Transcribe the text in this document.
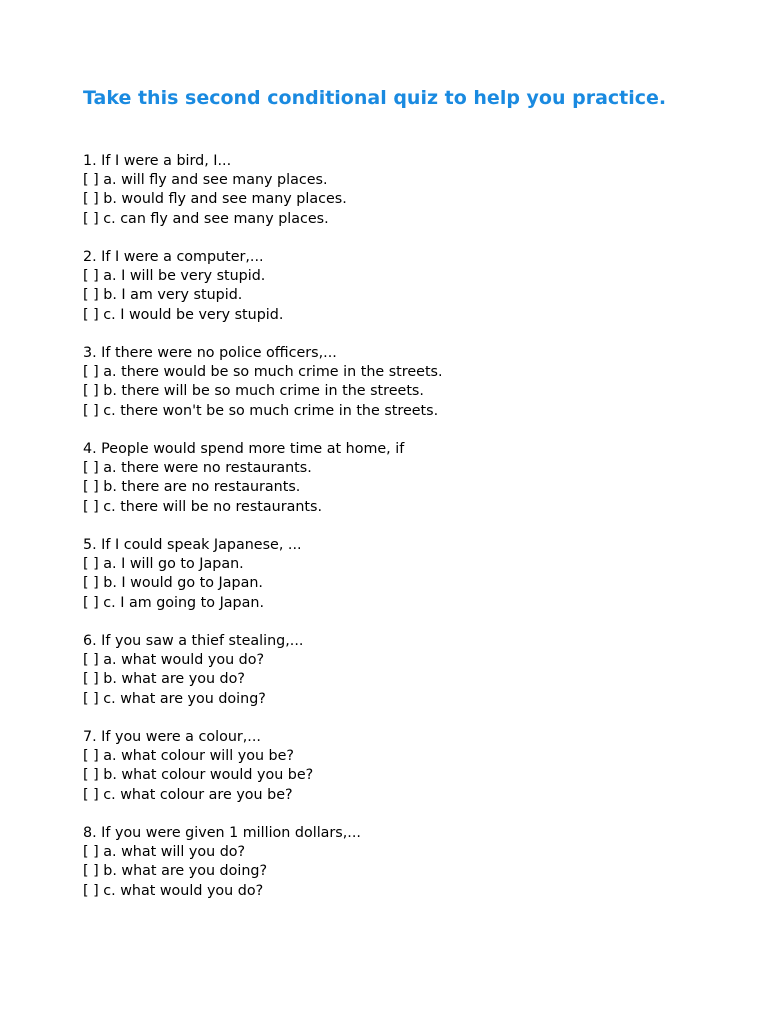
Take this second conditional quiz to help you practice.
1. If I were a bird, I...
[ ] a. will fly and see many places.
[ ] b. would fly and see many places.
[ ] c. can fly and see many places.
2. If I were a computer,...
[ ] a. I will be very stupid.
[ ] b. I am very stupid.
[ ] c. I would be very stupid.
3. If there were no police officers,...
[ ] a. there would be so much crime in the streets.
[ ] b. there will be so much crime in the streets.
[ ] c. there won't be so much crime in the streets.
4. People would spend more time at home, if
[ ] a. there were no restaurants.
[ ] b. there are no restaurants.
[ ] c. there will be no restaurants.
5. If I could speak Japanese, ...
[ ] a. I will go to Japan.
[ ] b. I would go to Japan.
[ ] c. I am going to Japan.
6. If you saw a thief stealing,...
[ ] a. what would you do?
[ ] b. what are you do?
[ ] c. what are you doing?
7. If you were a colour,...
[ ] a. what colour will you be?
[ ] b. what colour would you be?
[ ] c. what colour are you be?
8. If you were given 1 million dollars,...
[ ] a. what will you do?
[ ] b. what are you doing?
[ ] c. what would you do?
